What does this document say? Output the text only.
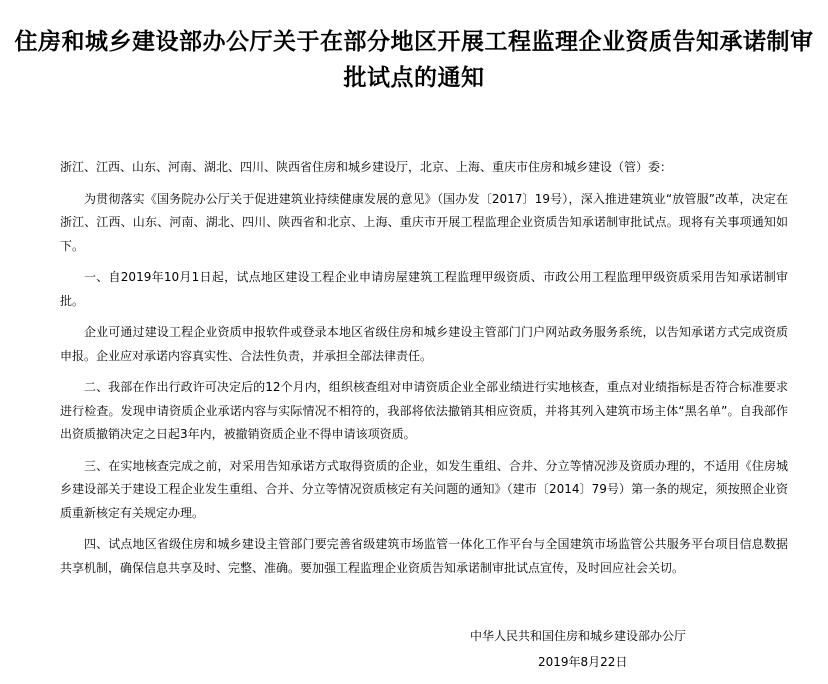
住房和城乡建设部办公厅关于在部分地区开展工程监理企业资质告知承诺制审批试点的通知

浙江、江西、山东、河南、湖北、四川、陕西省住房和城乡建设厅，北京、上海、重庆市住房和城乡建设（管）委：

为贯彻落实《国务院办公厅关于促进建筑业持续健康发展的意见》（国办发〔2017〕19号），深入推进建筑业“放管服”改革，决定在浙江、江西、山东、河南、湖北、四川、陕西省和北京、上海、重庆市开展工程监理企业资质告知承诺制审批试点。现将有关事项通知如下。

一、自2019年10月1日起，试点地区建设工程企业申请房屋建筑工程监理甲级资质、市政公用工程监理甲级资质采用告知承诺制审批。

企业可通过建设工程企业资质申报软件或登录本地区省级住房和城乡建设主管部门门户网站政务服务系统，以告知承诺方式完成资质申报。企业应对承诺内容真实性、合法性负责，并承担全部法律责任。

二、我部在作出行政许可决定后的12个月内，组织核查组对申请资质企业全部业绩进行实地核查，重点对业绩指标是否符合标准要求进行检查。发现申请资质企业承诺内容与实际情况不相符的，我部将依法撤销其相应资质，并将其列入建筑市场主体“黑名单”。自我部作出资质撤销决定之日起3年内，被撤销资质企业不得申请该项资质。

三、在实地核查完成之前，对采用告知承诺方式取得资质的企业，如发生重组、合并、分立等情况涉及资质办理的，不适用《住房城乡建设部关于建设工程企业发生重组、合并、分立等情况资质核定有关问题的通知》（建市〔2014〕79号）第一条的规定，须按照企业资质重新核定有关规定办理。

四、试点地区省级住房和城乡建设主管部门要完善省级建筑市场监管一体化工作平台与全国建筑市场监管公共服务平台项目信息数据共享机制，确保信息共享及时、完整、准确。要加强工程监理企业资质告知承诺制审批试点宣传，及时回应社会关切。

中华人民共和国住房和城乡建设部办公厅
2019年8月22日
